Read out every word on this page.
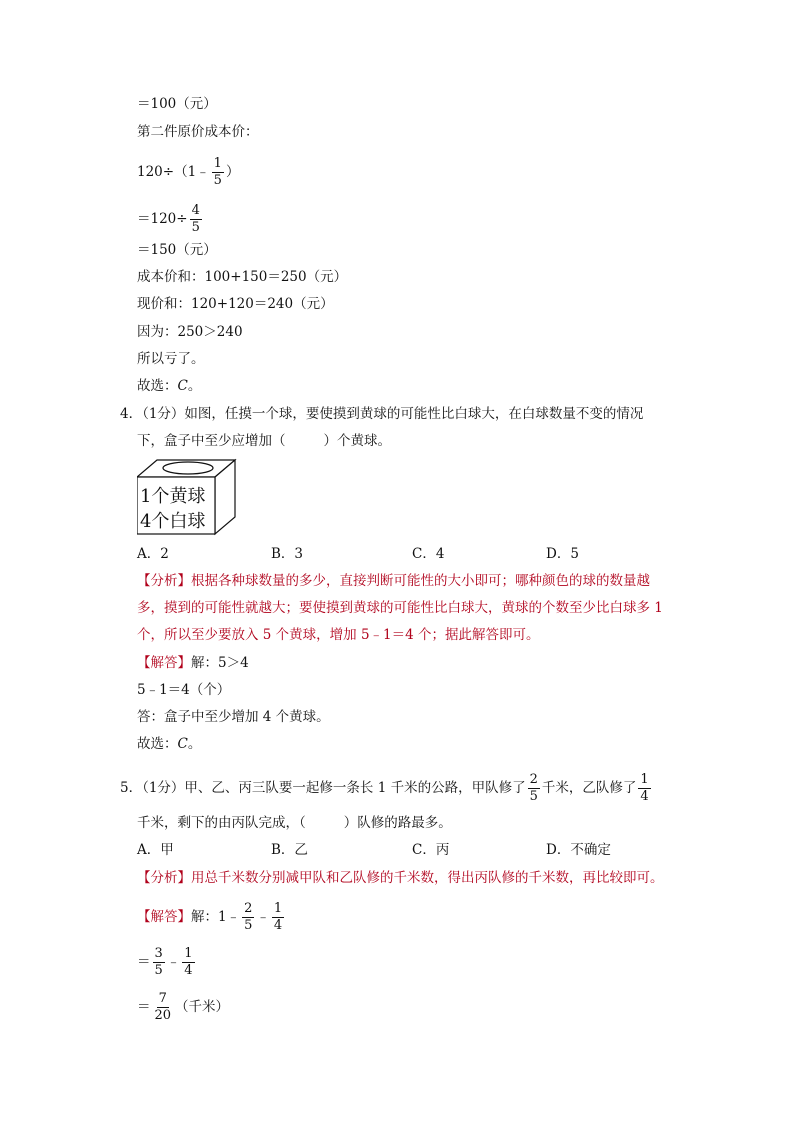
＝100（元）
第二件原价成本价：
120÷（1﹣ $\frac{1}{5}$ ）
$=120\div \frac{4}{5}$
＝150（元）
成本价和：100+150＝250（元）
现价和：120+120＝240（元）
因为：250＞240
所以亏了。
故选：C。
4．（1分）如图，任摸一个球，要使摸到黄球的可能性比白球大，在白球数量不变的情况
下，盒子中至少应增加（	）个黄球。
1个黄球
4个白球
A．2	B．3	C．4	D．5
【分析】根据各种球数量的多少，直接判断可能性的大小即可；哪种颜色的球的数量越
多，摸到的可能性就越大；要使摸到黄球的可能性比白球大，黄球的个数至少比白球多 1
个，所以至少要放入 5 个黄球，增加 5﹣1＝4 个；据此解答即可。
【解答】解：5＞4
5﹣1＝4（个）
答：盒子中至少增加 4 个黄球。
故选：C。
5．（1分）甲、乙、丙三队要一起修一条长 1 千米的公路，甲队修了 $\frac{2}{5}$ 千米，乙队修了 $\frac{1}{4}$
千米，剩下的由丙队完成，（	）队修的路最多。
A．甲	B．乙	C．丙	D．不确定
【分析】用总千米数分别减甲队和乙队修的千米数，得出丙队修的千米数，再比较即可。
【解答】解：1﹣ $\frac{2}{5}$ ﹣ $\frac{1}{4}$
＝ $\frac{3}{5}$ ﹣ $\frac{1}{4}$
＝ $\frac{7}{20}$ （千米）
